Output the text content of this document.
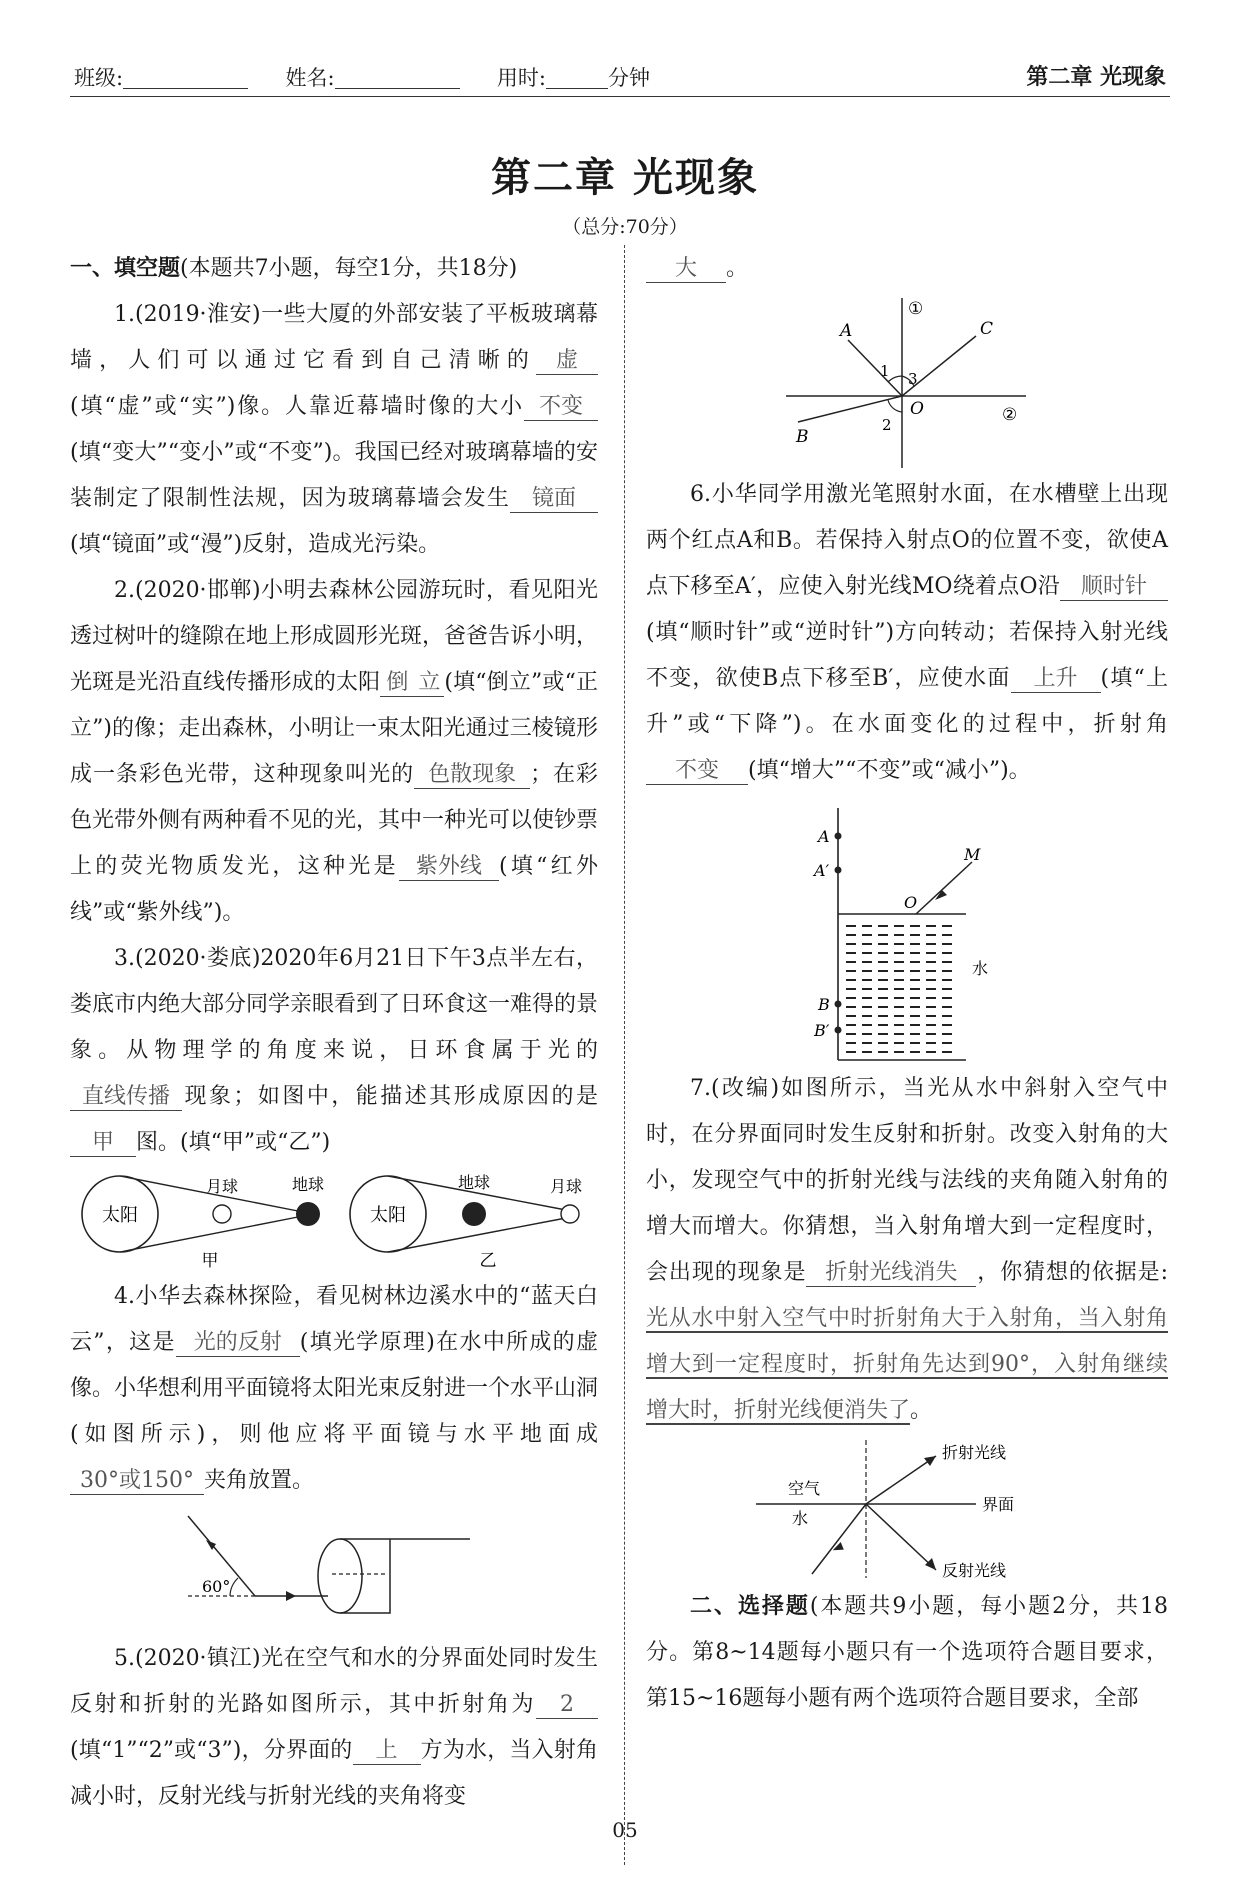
班级:	姓名:	用时:	分钟	第二章 光现象
第二章 光现象
（总分:70分）

一、填空题(本题共7小题，每空1分，共18分)

1.(2019·淮安)一些大厦的外部安装了平板玻璃幕墙，人们可以通过它看到自己清晰的 虚(填“虚”或“实”)像。人靠近幕墙时像的大小 不变(填“变大”“变小”或“不变”)。我国已经对玻璃幕墙的安装制定了限制性法规，因为玻璃幕墙会发生 镜面(填“镜面”或“漫”)反射，造成光污染。

2.(2020·邯郸)小明去森林公园游玩时，看见阳光透过树叶的缝隙在地上形成圆形光斑，爸爸告诉小明，光斑是光沿直线传播形成的太阳 倒 立 (填“倒立”或“正立”)的像；走出森林，小明让一束太阳光通过三棱镜形成一条彩色光带，这种现象叫光的 色散现象 ；在彩色光带外侧有两种看不见的光，其中一种光可以使钞票上的荧光物质发光，这种光是 紫外线 (填“红外线”或“紫外线”)。

3.(2020·娄底)2020年6月21日下午3点半左右，娄底市内绝大部分同学亲眼看到了日环食这一难得的景象。从物理学的角度来说，日环食属于光的直线传播 现象；如图中，能描述其形成原因的是甲 图。(填“甲”或“乙”)

太阳
月球	地球
甲
太阳
地球	月球
乙

4.小华去森林探险，看见树林边溪水中的“蓝天白云”，这是 光的反射 (填光学原理)在水中所成的虚像。小华想利用平面镜将太阳光束反射进一个水平山洞(如图所示)，则他应将平面镜与水平地面成30°或150° 夹角放置。

60°

5.(2020·镇江)光在空气和水的分界面处同时发生反射和折射的光路如图所示，其中折射角为 2(填“1”“2”或“3”)，分界面的 上 方为水，当入射角减小时，反射光线与折射光线的夹角将变

大 。

A	C
B
O
1 3
2
①
②

6.小华同学用激光笔照射水面，在水槽壁上出现两个红点A和B。若保持入射点O的位置不变，欲使A点下移至A′，应使入射光线MO绕着点O沿 顺时针(填“顺时针”或“逆时针”)方向转动；若保持入射光线不变，欲使B点下移至B′，应使水面 上升 (填“上升”或“下降”)。在水面变化的过程中，折射角不变 (填“增大”“不变”或“减小”)。

A
A′
B
B′
M
O
水

7.(改编)如图所示，当光从水中斜射入空气中时，在分界面同时发生反射和折射。改变入射角的大小，发现空气中的折射光线与法线的夹角随入射角的增大而增大。你猜想，当入射角增大到一定程度时，会出现的现象是 折射光线消失 ，你猜想的依据是:光从水中射入空气中时折射角大于入射角，当入射角增大到一定程度时，折射角先达到90°，入射角继续增大时，折射光线便消失了。

折射光线
空气
水
界面
反射光线

二、选择题(本题共9小题，每小题2分，共18分。第8~14题每小题只有一个选项符合题目要求，第15~16题每小题有两个选项符合题目要求，全部

05
